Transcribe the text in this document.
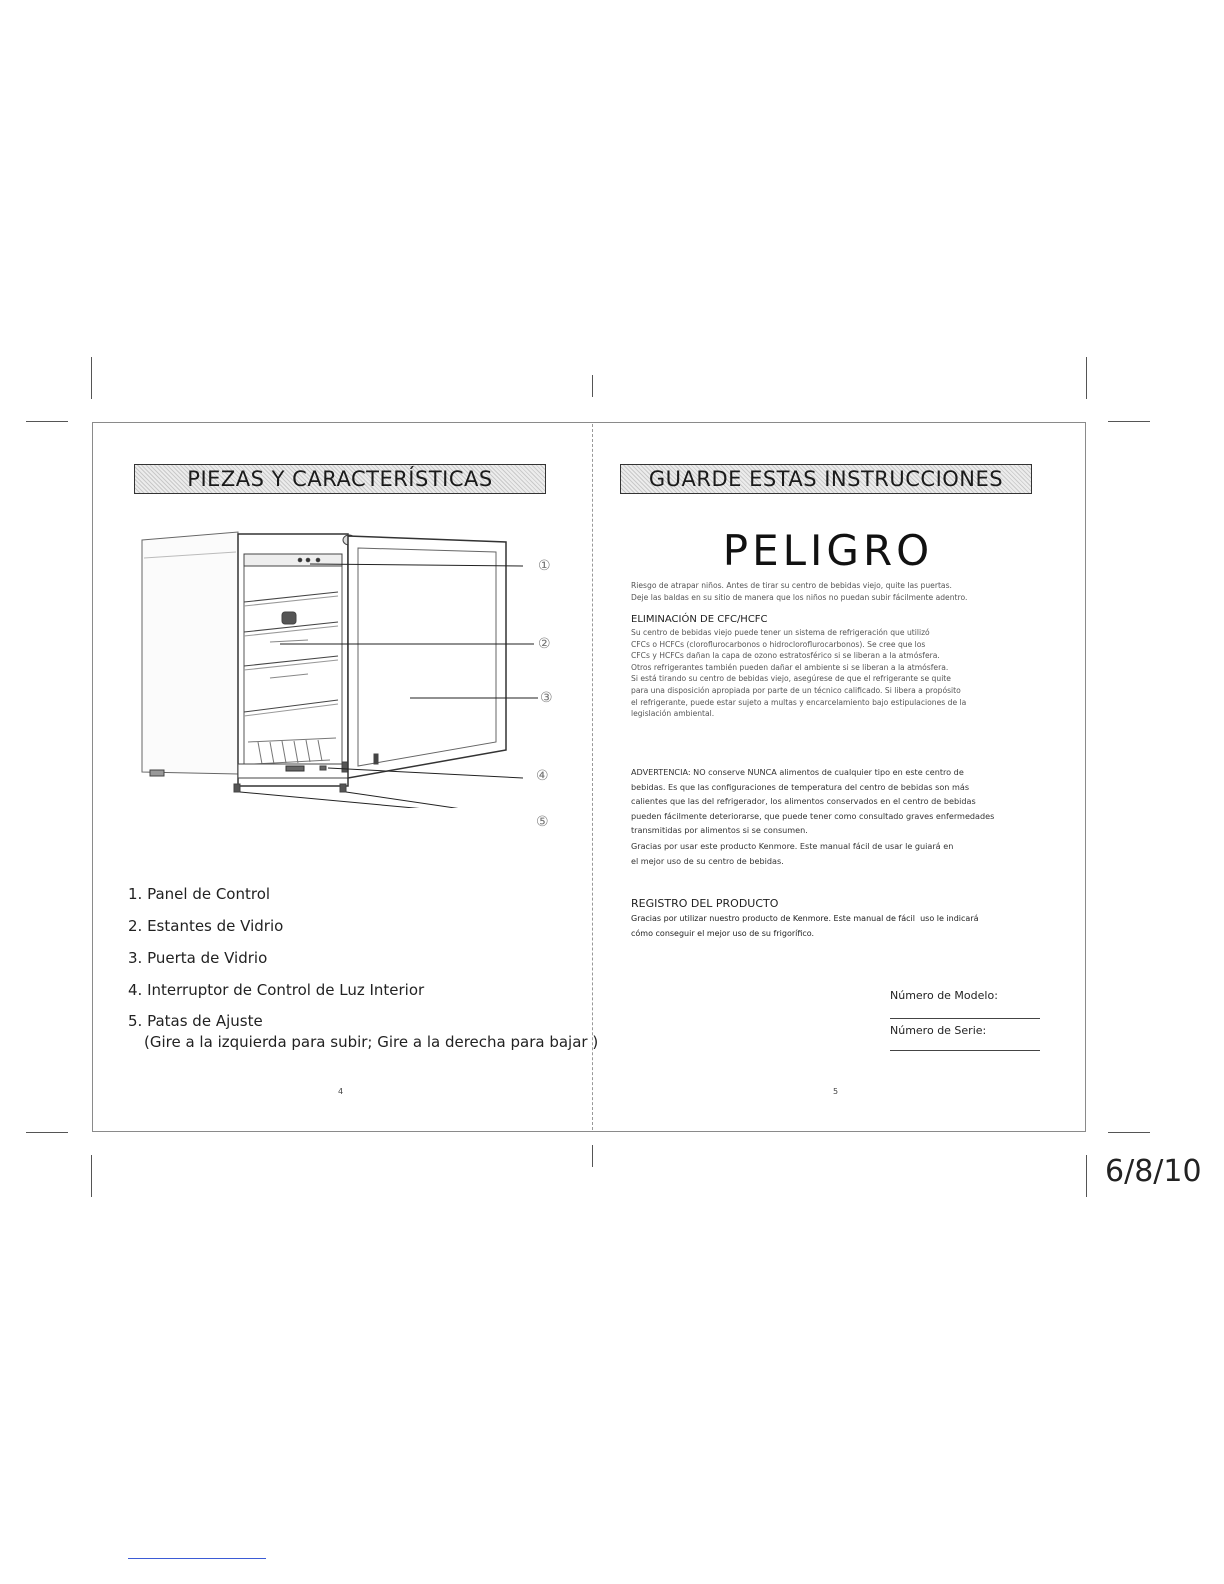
PIEZAS Y CARACTERÍSTICAS
①
②
③
④
⑤
1. Panel de Control
2. Estantes de Vidrio
3. Puerta de Vidrio
4. Interruptor de Control de Luz Interior
5. Patas de Ajuste
(Gire a la izquierda para subir; Gire a la derecha para bajar )
4
GUARDE ESTAS INSTRUCCIONES
PELIGRO
Riesgo de atrapar niños. Antes de tirar su centro de bebidas viejo, quite las puertas.
Deje las baldas en su sitio de manera que los niños no puedan subir fácilmente adentro.
ELIMINACIÓN DE CFC/HCFC
Su centro de bebidas viejo puede tener un sistema de refrigeración que utilizó
CFCs o HCFCs (cloroflurocarbonos o hidrocloroflurocarbonos). Se cree que los
CFCs y HCFCs dañan la capa de ozono estratosférico si se liberan a la atmósfera.
Otros refrigerantes también pueden dañar el ambiente si se liberan a la atmósfera.
Si está tirando su centro de bebidas viejo, asegúrese de que el refrigerante se quite
para una disposición apropiada por parte de un técnico calificado. Si libera a propósito
el refrigerante, puede estar sujeto a multas y encarcelamiento bajo estipulaciones de la
legislación ambiental.
ADVERTENCIA: NO conserve NUNCA alimentos de cualquier tipo en este centro de
bebidas. Es que las configuraciones de temperatura del centro de bebidas son más
calientes que las del refrigerador, los alimentos conservados en el centro de bebidas
pueden fácilmente deteriorarse, que puede tener como consultado graves enfermedades
transmitidas por alimentos si se consumen.
Gracias por usar este producto Kenmore. Este manual fácil de usar le guiará en
el mejor uso de su centro de bebidas.
REGISTRO DEL PRODUCTO
Gracias por utilizar nuestro producto de Kenmore. Este manual de fácil  uso le indicará
cómo conseguir el mejor uso de su frigorífico.
Número de Modelo:
Número de Serie:
5
6/8/10
